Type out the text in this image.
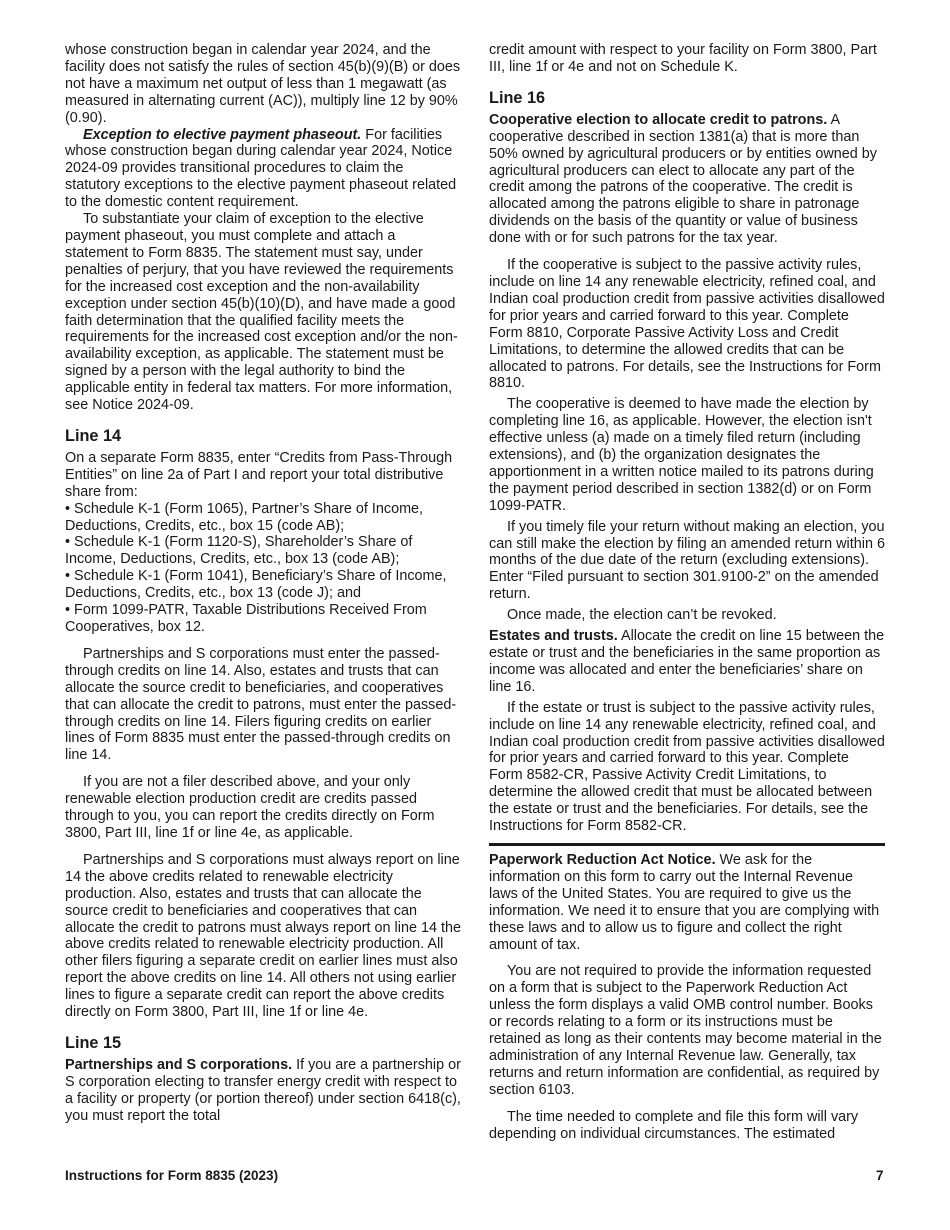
whose construction began in calendar year 2024, and the facility does not satisfy the rules of section 45(b)(9)(B) or does not have a maximum net output of less than 1 megawatt (as measured in alternating current (AC)), multiply line 12 by 90% (0.90).

Exception to elective payment phaseout. For facilities whose construction began during calendar year 2024, Notice 2024-09 provides transitional procedures to claim the statutory exceptions to the elective payment phaseout related to the domestic content requirement.

To substantiate your claim of exception to the elective payment phaseout, you must complete and attach a statement to Form 8835. The statement must say, under penalties of perjury, that you have reviewed the requirements for the increased cost exception and the non-availability exception under section 45(b)(10)(D), and have made a good faith determination that the qualified facility meets the requirements for the increased cost exception and/or the non-availability exception, as applicable. The statement must be signed by a person with the legal authority to bind the applicable entity in federal tax matters. For more information, see Notice 2024-09.

Line 14

On a separate Form 8835, enter “Credits from Pass-Through Entities” on line 2a of Part I and report your total distributive share from:

• Schedule K-1 (Form 1065), Partner’s Share of Income, Deductions, Credits, etc., box 15 (code AB);

• Schedule K-1 (Form 1120-S), Shareholder’s Share of Income, Deductions, Credits, etc., box 13 (code AB);

• Schedule K-1 (Form 1041), Beneficiary’s Share of Income, Deductions, Credits, etc., box 13 (code J); and

• Form 1099-PATR, Taxable Distributions Received From Cooperatives, box 12.

Partnerships and S corporations must enter the passed-through credits on line 14. Also, estates and trusts that can allocate the source credit to beneficiaries, and cooperatives that can allocate the credit to patrons, must enter the passed-through credits on line 14. Filers figuring credits on earlier lines of Form 8835 must enter the passed-through credits on line 14.

If you are not a filer described above, and your only renewable election production credit are credits passed through to you, you can report the credits directly on Form 3800, Part III, line 1f or line 4e, as applicable.

Partnerships and S corporations must always report on line 14 the above credits related to renewable electricity production. Also, estates and trusts that can allocate the source credit to beneficiaries and cooperatives that can allocate the credit to patrons must always report on line 14 the above credits related to renewable electricity production. All other filers figuring a separate credit on earlier lines must also report the above credits on line 14. All others not using earlier lines to figure a separate credit can report the above credits directly on Form 3800, Part III, line 1f or line 4e.

Line 15

Partnerships and S corporations. If you are a partnership or S corporation electing to transfer energy credit with respect to a facility or property (or portion thereof) under section 6418(c), you must report the total

credit amount with respect to your facility on Form 3800, Part III, line 1f or 4e and not on Schedule K.

Line 16

Cooperative election to allocate credit to patrons. A cooperative described in section 1381(a) that is more than 50% owned by agricultural producers or by entities owned by agricultural producers can elect to allocate any part of the credit among the patrons of the cooperative. The credit is allocated among the patrons eligible to share in patronage dividends on the basis of the quantity or value of business done with or for such patrons for the tax year.

If the cooperative is subject to the passive activity rules, include on line 14 any renewable electricity, refined coal, and Indian coal production credit from passive activities disallowed for prior years and carried forward to this year. Complete Form 8810, Corporate Passive Activity Loss and Credit Limitations, to determine the allowed credits that can be allocated to patrons. For details, see the Instructions for Form 8810.

The cooperative is deemed to have made the election by completing line 16, as applicable. However, the election isn't effective unless (a) made on a timely filed return (including extensions), and (b) the organization designates the apportionment in a written notice mailed to its patrons during the payment period described in section 1382(d) or on Form 1099-PATR.

If you timely file your return without making an election, you can still make the election by filing an amended return within 6 months of the due date of the return (excluding extensions). Enter “Filed pursuant to section 301.9100-2” on the amended return.

Once made, the election can’t be revoked.

Estates and trusts. Allocate the credit on line 15 between the estate or trust and the beneficiaries in the same proportion as income was allocated and enter the beneficiaries’ share on line 16.

If the estate or trust is subject to the passive activity rules, include on line 14 any renewable electricity, refined coal, and Indian coal production credit from passive activities disallowed for prior years and carried forward to this year. Complete Form 8582-CR, Passive Activity Credit Limitations, to determine the allowed credit that must be allocated between the estate or trust and the beneficiaries. For details, see the Instructions for Form 8582-CR.

Paperwork Reduction Act Notice. We ask for the information on this form to carry out the Internal Revenue laws of the United States. You are required to give us the information. We need it to ensure that you are complying with these laws and to allow us to figure and collect the right amount of tax.

You are not required to provide the information requested on a form that is subject to the Paperwork Reduction Act unless the form displays a valid OMB control number. Books or records relating to a form or its instructions must be retained as long as their contents may become material in the administration of any Internal Revenue law. Generally, tax returns and return information are confidential, as required by section 6103.

The time needed to complete and file this form will vary depending on individual circumstances. The estimated

Instructions for Form 8835 (2023)	7
